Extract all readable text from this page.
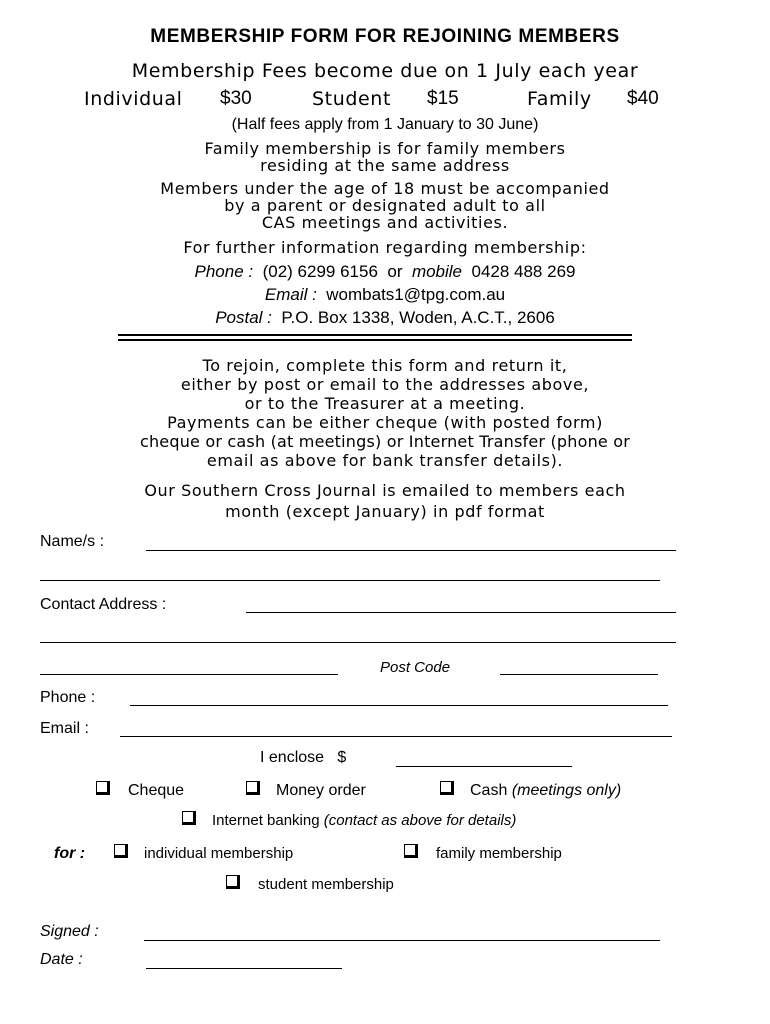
MEMBERSHIP FORM FOR REJOINING MEMBERS
Membership Fees become due on 1 July each year
Individual $30	Student $15	Family $40
(Half fees apply from 1 January to 30 June)
Family membership is for family members
residing at the same address
Members under the age of 18 must be accompanied
by a parent or designated adult to all
CAS meetings and activities.
For further information regarding membership:
Phone : (02) 6299 6156 or mobile 0428 488 269
Email : wombats1@tpg.com.au
Postal : P.O. Box 1338, Woden, A.C.T., 2606
To rejoin, complete this form and return it,
either by post or email to the addresses above,
or to the Treasurer at a meeting.
Payments can be either cheque (with posted form)
cheque or cash (at meetings) or Internet Transfer (phone or
email as above for bank transfer details).
Our Southern Cross Journal is emailed to members each
month (except January) in pdf format
Name/s :
Contact Address :
Post Code
Phone :
Email :
I enclose $
Cheque	Money order	Cash (meetings only)
Internet banking (contact as above for details)
for :	individual membership	family membership
student membership
Signed :
Date :
